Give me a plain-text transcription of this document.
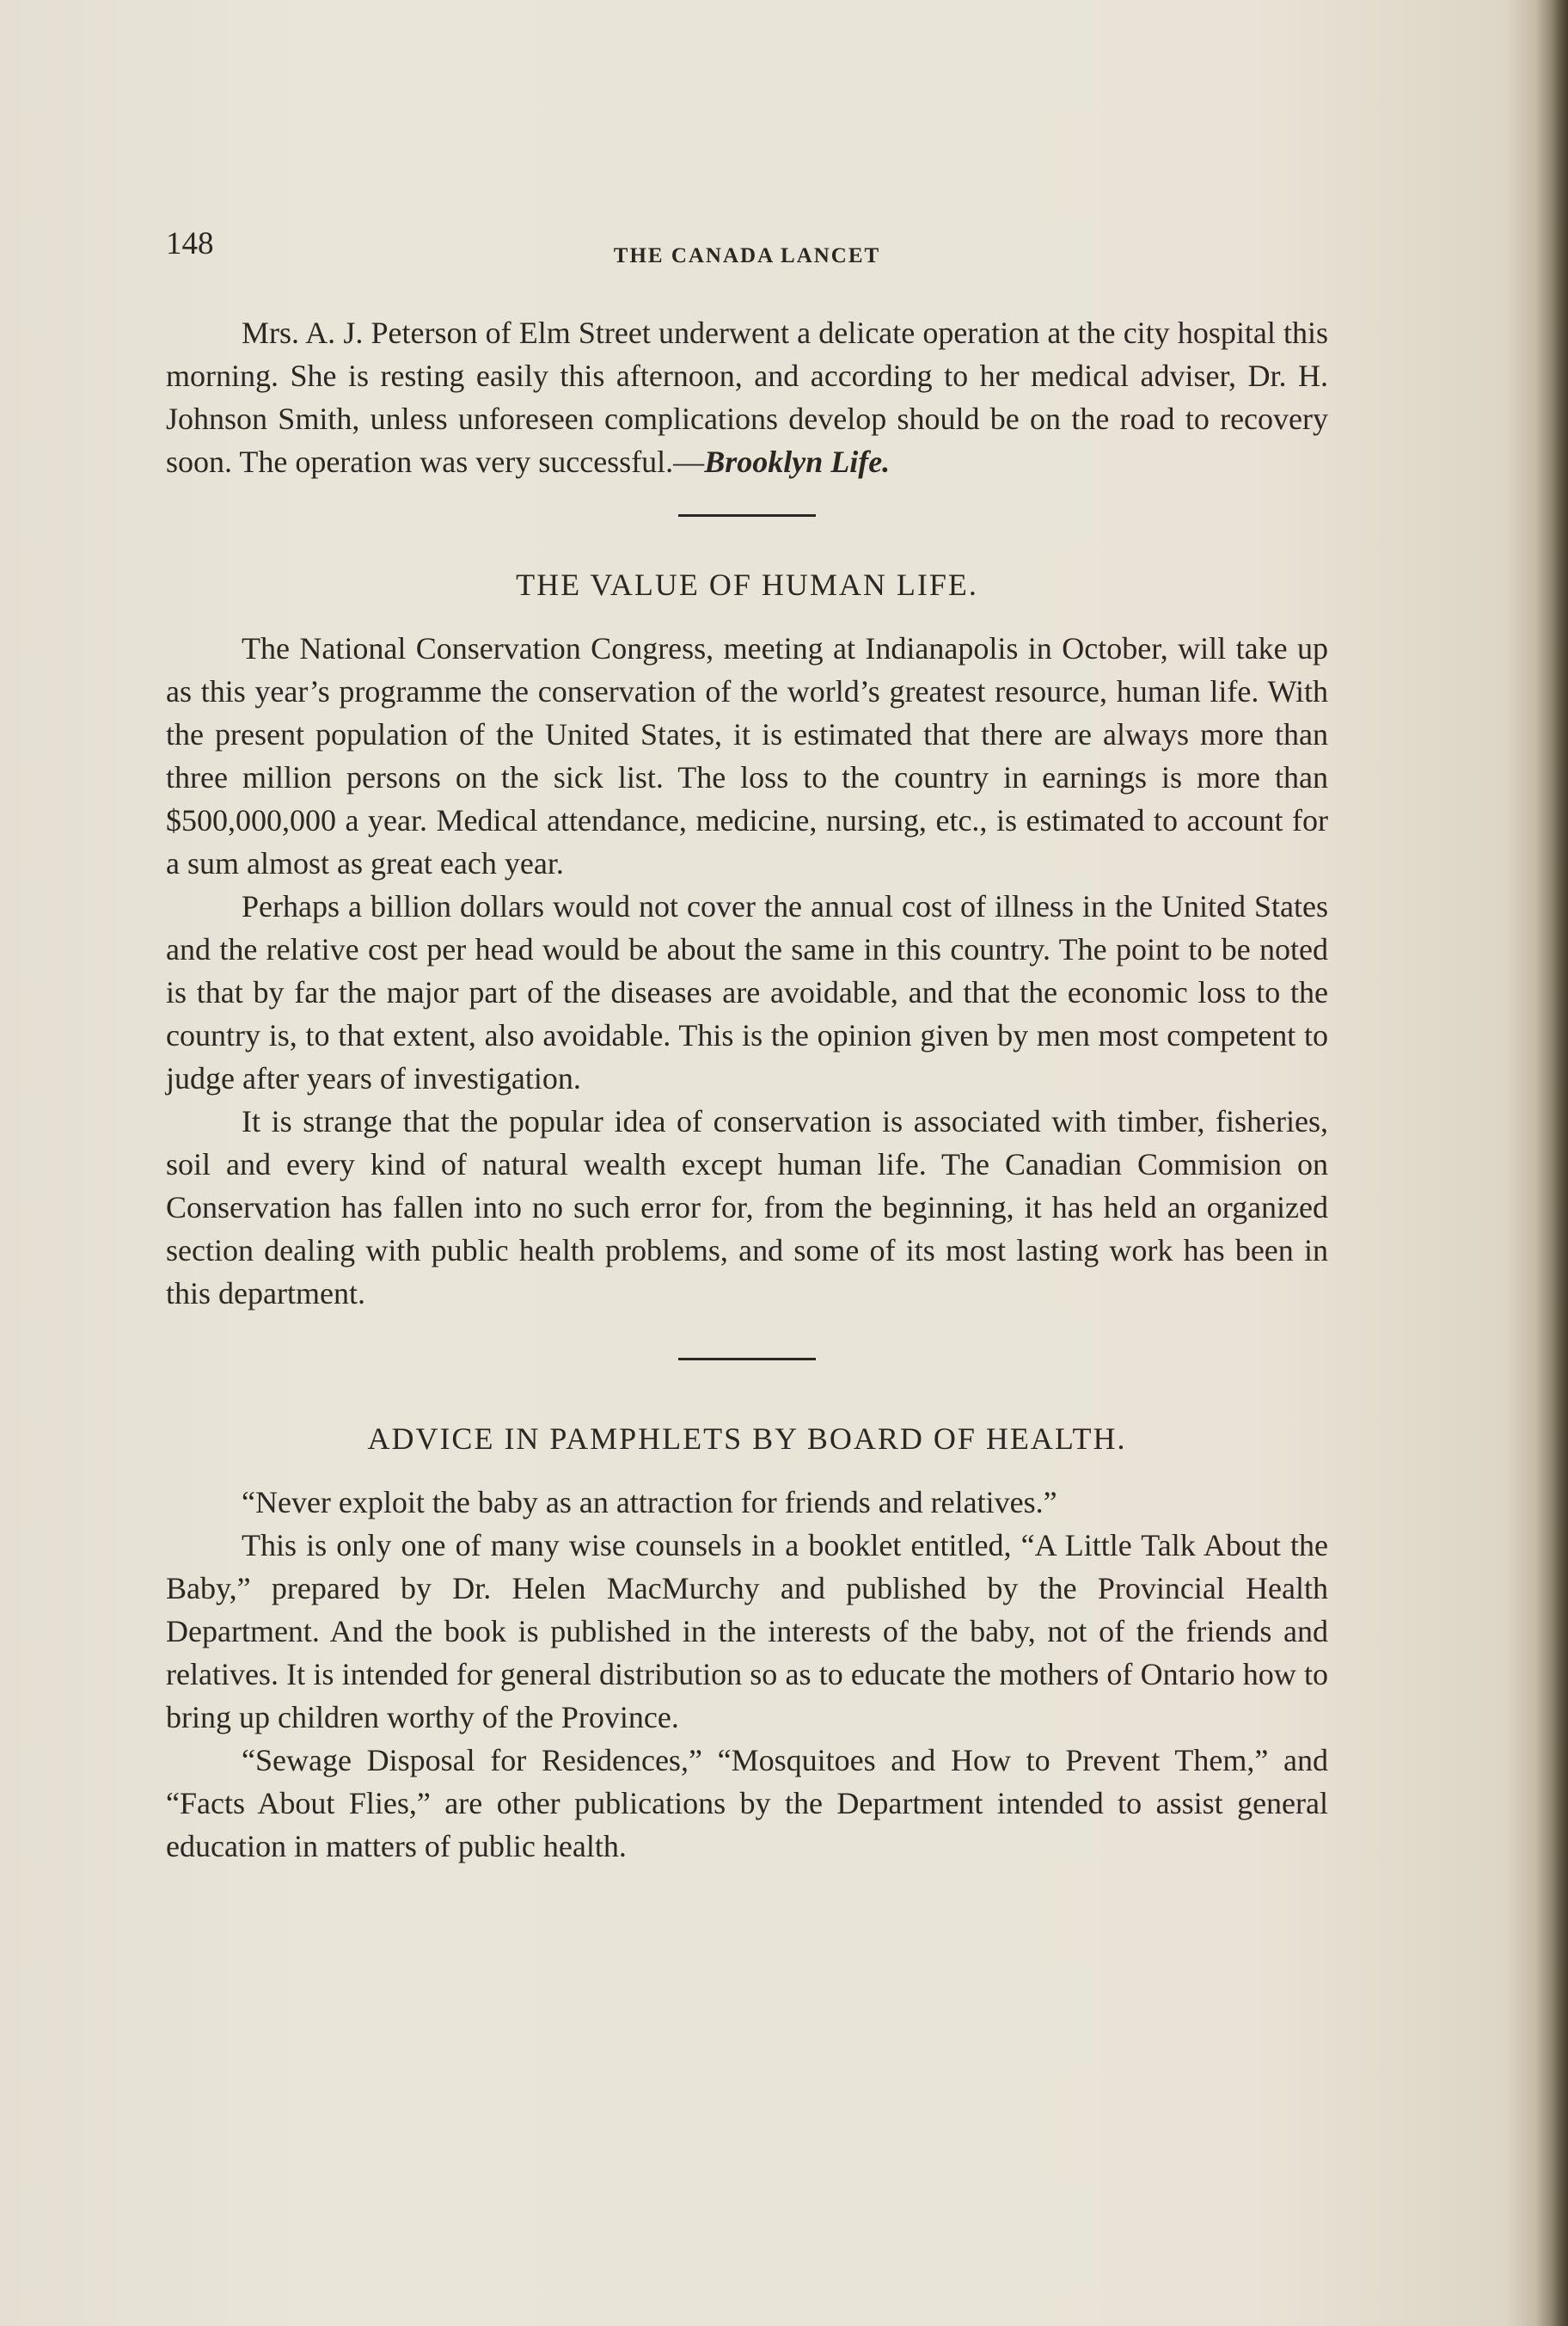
148	THE CANADA LANCET

Mrs. A. J. Peterson of Elm Street underwent a delicate operation at the city hospital this morning. She is resting easily this afternoon, and according to her medical adviser, Dr. H. Johnson Smith, unless unforeseen complications develop should be on the road to recovery soon. The operation was very successful.—Brooklyn Life.

THE VALUE OF HUMAN LIFE.

The National Conservation Congress, meeting at Indianapolis in October, will take up as this year’s programme the conservation of the world’s greatest resource, human life. With the present population of the United States, it is estimated that there are always more than three million persons on the sick list. The loss to the country in earnings is more than $500,000,000 a year. Medical attendance, medicine, nursing, etc., is estimated to account for a sum almost as great each year.

Perhaps a billion dollars would not cover the annual cost of illness in the United States and the relative cost per head would be about the same in this country. The point to be noted is that by far the major part of the diseases are avoidable, and that the economic loss to the country is, to that extent, also avoidable. This is the opinion given by men most competent to judge after years of investigation.

It is strange that the popular idea of conservation is associated with timber, fisheries, soil and every kind of natural wealth except human life. The Canadian Commision on Conservation has fallen into no such error for, from the beginning, it has held an organized section dealing with public health problems, and some of its most lasting work has been in this department.

ADVICE IN PAMPHLETS BY BOARD OF HEALTH.

“Never exploit the baby as an attraction for friends and relatives.”

This is only one of many wise counsels in a booklet entitled, “A Little Talk About the Baby,” prepared by Dr. Helen MacMurchy and published by the Provincial Health Department. And the book is published in the interests of the baby, not of the friends and relatives. It is intended for general distribution so as to educate the mothers of Ontario how to bring up children worthy of the Province.

“Sewage Disposal for Residences,” “Mosquitoes and How to Prevent Them,” and “Facts About Flies,” are other publications by the Department intended to assist general education in matters of public health.
